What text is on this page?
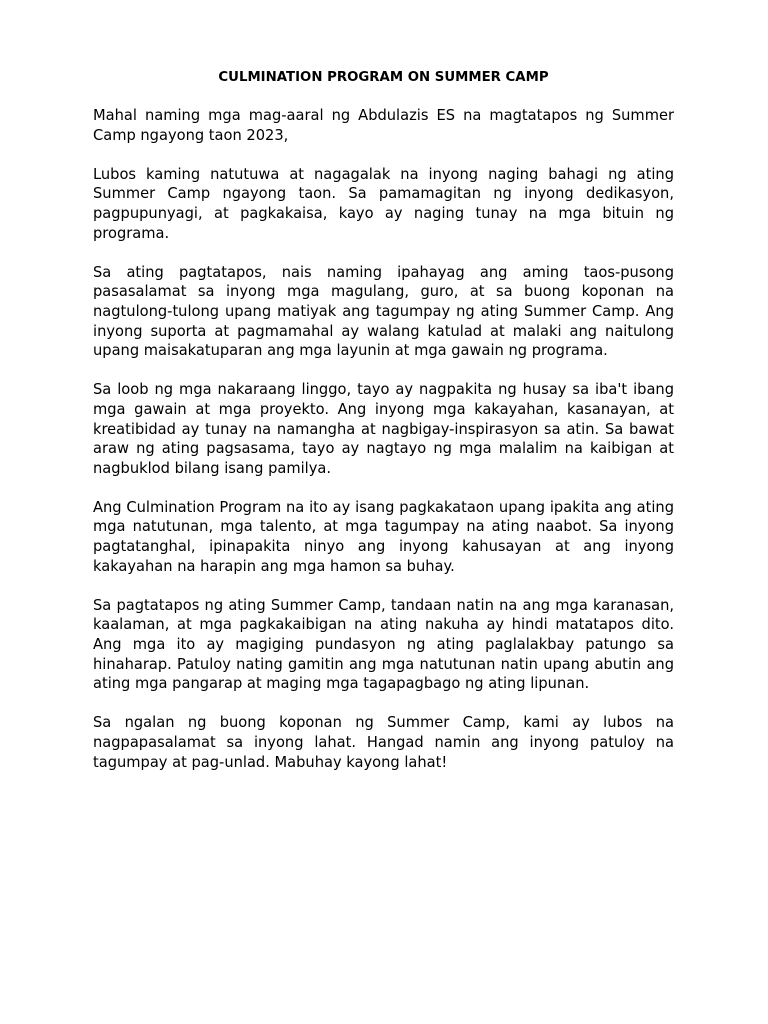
CULMINATION PROGRAM ON SUMMER CAMP

Mahal naming mga mag-aaral ng Abdulazis ES na magtatapos ng Summer Camp ngayong taon 2023,

Lubos kaming natutuwa at nagagalak na inyong naging bahagi ng ating Summer Camp ngayong taon. Sa pamamagitan ng inyong dedikasyon, pagpupunyagi, at pagkakaisa, kayo ay naging tunay na mga bituin ng programa.

Sa ating pagtatapos, nais naming ipahayag ang aming taos-pusong pasasalamat sa inyong mga magulang, guro, at sa buong koponan na nagtulong-tulong upang matiyak ang tagumpay ng ating Summer Camp. Ang inyong suporta at pagmamahal ay walang katulad at malaki ang naitulong upang maisakatuparan ang mga layunin at mga gawain ng programa.

Sa loob ng mga nakaraang linggo, tayo ay nagpakita ng husay sa iba't ibang mga gawain at mga proyekto. Ang inyong mga kakayahan, kasanayan, at kreatibidad ay tunay na namangha at nagbigay-inspirasyon sa atin. Sa bawat araw ng ating pagsasama, tayo ay nagtayo ng mga malalim na kaibigan at nagbuklod bilang isang pamilya.

Ang Culmination Program na ito ay isang pagkakataon upang ipakita ang ating mga natutunan, mga talento, at mga tagumpay na ating naabot. Sa inyong pagtatanghal, ipinapakita ninyo ang inyong kahusayan at ang inyong kakayahan na harapin ang mga hamon sa buhay.

Sa pagtatapos ng ating Summer Camp, tandaan natin na ang mga karanasan, kaalaman, at mga pagkakaibigan na ating nakuha ay hindi matatapos dito. Ang mga ito ay magiging pundasyon ng ating paglalakbay patungo sa hinaharap. Patuloy nating gamitin ang mga natutunan natin upang abutin ang ating mga pangarap at maging mga tagapagbago ng ating lipunan.

Sa ngalan ng buong koponan ng Summer Camp, kami ay lubos na nagpapasalamat sa inyong lahat. Hangad namin ang inyong patuloy na tagumpay at pag-unlad. Mabuhay kayong lahat!
